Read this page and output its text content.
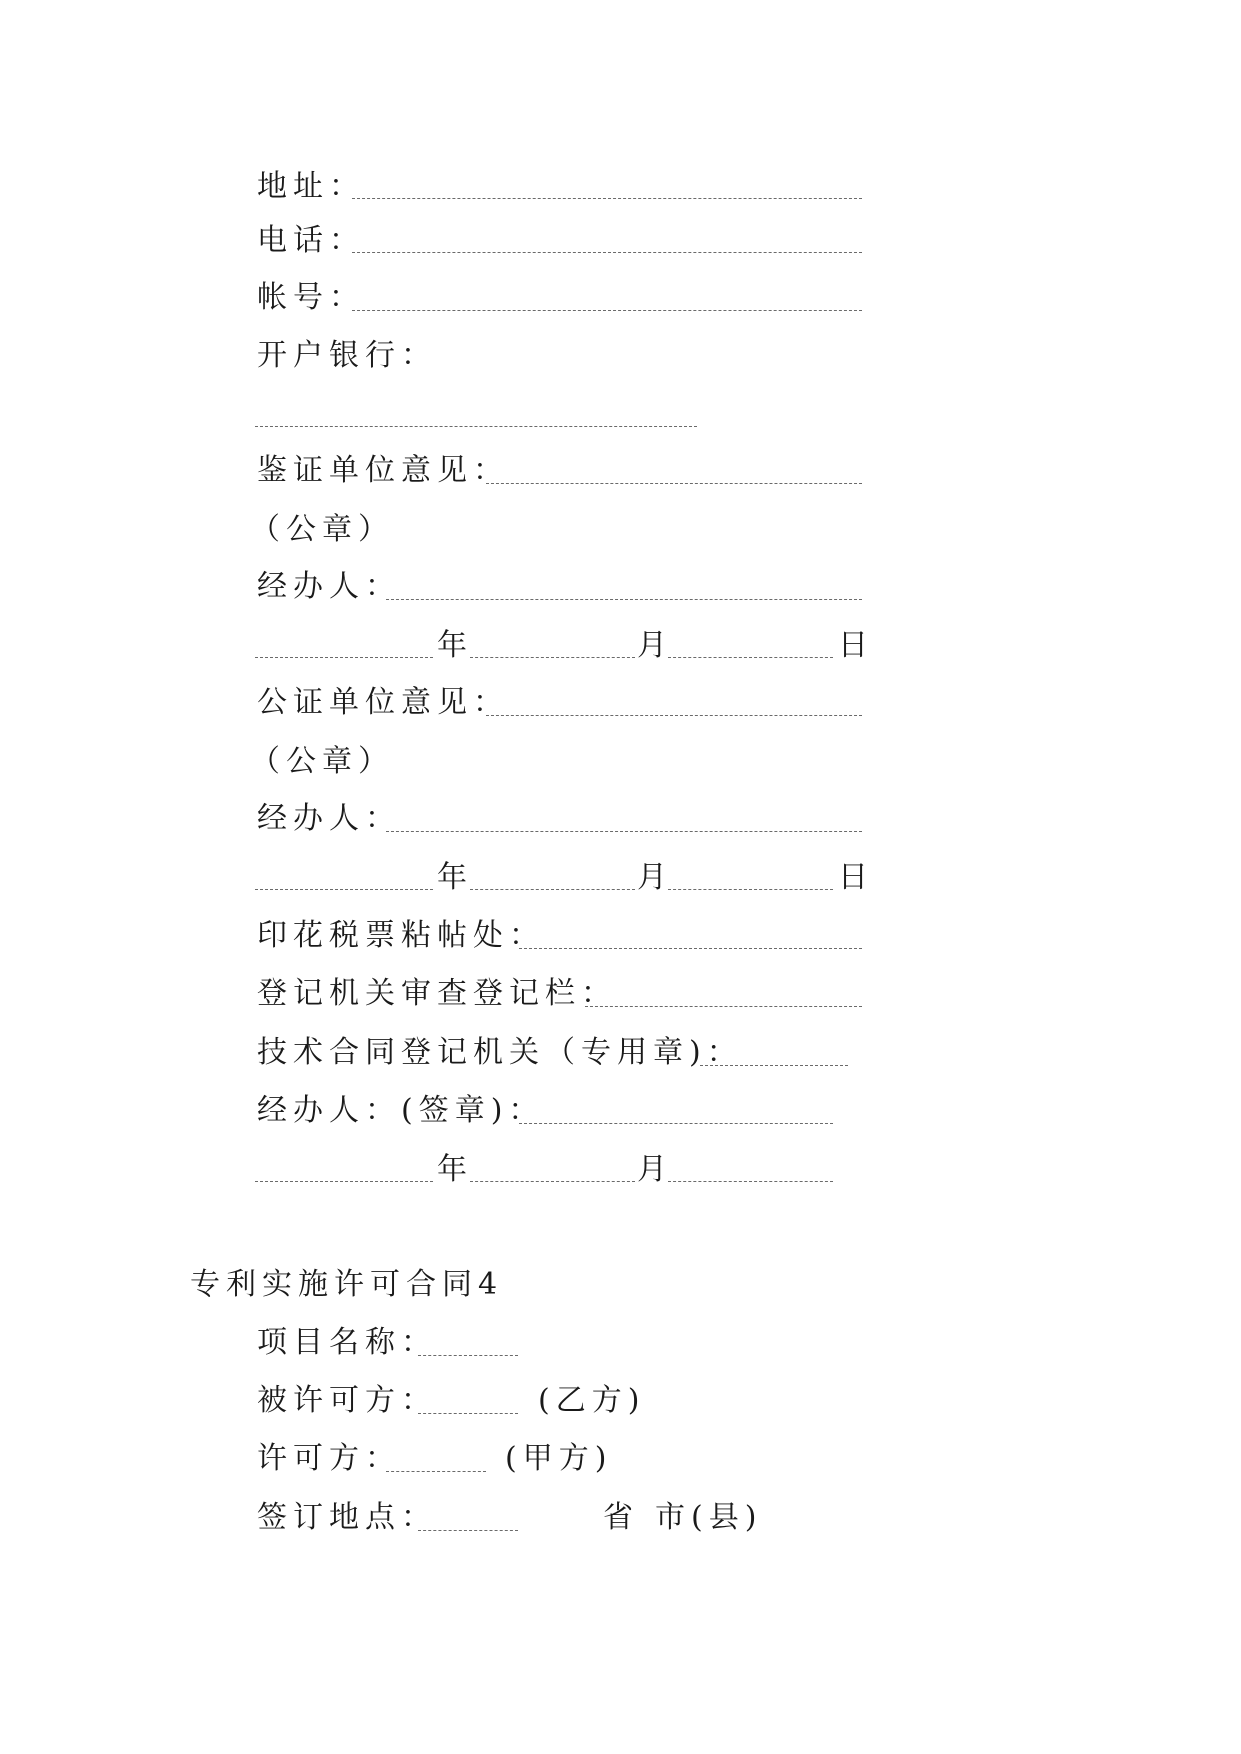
地址：
电话：
帐号：
开户银行：
鉴证单位意见：
（公章）
经办人：
年	月	日
公证单位意见：
（公章）
经办人：
年	月	日
印花税票粘帖处：
登记机关审查登记栏：
技术合同登记机关（专用章)：
经办人：(签章)：
年	月
专利实施许可合同4
项目名称：
被许可方：	(乙方)
许可方：	(甲方)
签订地点：	省 市(县)
